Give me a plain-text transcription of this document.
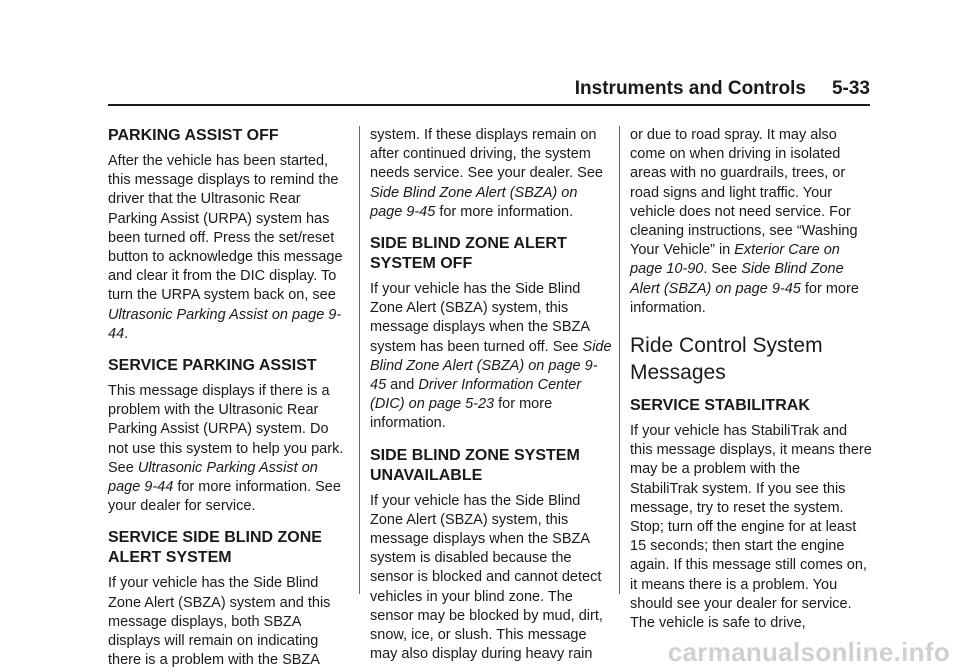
Instruments and Controls 5-33
PARKING ASSIST OFF

After the vehicle has been started, this message displays to remind the driver that the Ultrasonic Rear Parking Assist (URPA) system has been turned off. Press the set/reset button to acknowledge this message and clear it from the DIC display. To turn the URPA system back on, see Ultrasonic Parking Assist on page 9-44.

SERVICE PARKING ASSIST

This message displays if there is a problem with the Ultrasonic Rear Parking Assist (URPA) system. Do not use this system to help you park. See Ultrasonic Parking Assist on page 9-44 for more information. See your dealer for service.

SERVICE SIDE BLIND ZONE ALERT SYSTEM

If your vehicle has the Side Blind Zone Alert (SBZA) system and this message displays, both SBZA displays will remain on indicating there is a problem with the SBZA

system. If these displays remain on after continued driving, the system needs service. See your dealer. See Side Blind Zone Alert (SBZA) on page 9-45 for more information.

SIDE BLIND ZONE ALERT SYSTEM OFF

If your vehicle has the Side Blind Zone Alert (SBZA) system, this message displays when the SBZA system has been turned off. See Side Blind Zone Alert (SBZA) on page 9-45 and Driver Information Center (DIC) on page 5-23 for more information.

SIDE BLIND ZONE SYSTEM UNAVAILABLE

If your vehicle has the Side Blind Zone Alert (SBZA) system, this message displays when the SBZA system is disabled because the sensor is blocked and cannot detect vehicles in your blind zone. The sensor may be blocked by mud, dirt, snow, ice, or slush. This message may also display during heavy rain

or due to road spray. It may also come on when driving in isolated areas with no guardrails, trees, or road signs and light traffic. Your vehicle does not need service. For cleaning instructions, see “Washing Your Vehicle” in Exterior Care on page 10-90. See Side Blind Zone Alert (SBZA) on page 9-45 for more information.

Ride Control System Messages
SERVICE STABILITRAK

If your vehicle has StabiliTrak and this message displays, it means there may be a problem with the StabiliTrak system. If you see this message, try to reset the system. Stop; turn off the engine for at least 15 seconds; then start the engine again. If this message still comes on, it means there is a problem. You should see your dealer for service. The vehicle is safe to drive,

carmanualsonline.info
